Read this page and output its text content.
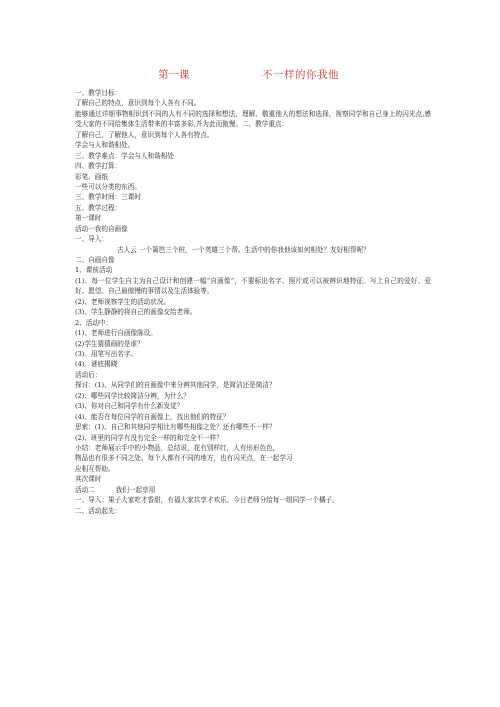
第一课	不一样的你我他
一、教学目标：
了解自己的特点，意识到每个人各有不同。
能够通过详细事物相识到不同的人有不同的选择和想法，理解、敬重他人的想法和选择，视察同学和自己身上的闪光点,感受大家的不同给集体生活带来的丰富多彩,并为此而傲慢。二、教学重点：
了解自己，了解他人，意识到每个人各有特点。
学会与人和谐相处。
三、教学难点：学会与人和谐相处
四、教学打算：
彩笔、画纸
一些可以分类的东西。
三、教学时间：三课时
五、教学过程：
第一课时
活动一我的自画像
一、导入：
古人云 一个篱笆三个桩，一个英雄三个帮。生活中的你我他该如何相处？友好相帮呢？
二、自画自像
1、课前活动
(1)、每一位学生自主为自己设计和创建一幅“自画像”，不要标出名字、照片或可以被辨识地特征。写上自己的爱好、爱好、愿望、自己最傲慢的事情以及生活体验等。
(2)、老师视察学生的活动状况。
(3)、学生静静的将自己的画像交给老师。
2、活动中：
(1)、老师进行自画像陈设。
(2)学生猜猜画的是谁？
(3)、用笔写出名字。
(4)、谜底揭晓
活动后：
探讨：(1)、从同学们的自画像中来分辨其他同学，是简洁还是简洁？
(2)、哪些同学比较简洁分辨，为什么？
(3)、你对自己和同学有什么新发觉？
(4)、能否在每位同学的自画像上，找出他们的特征？
思索：(1)、自己和其他同学相比有哪些相像之处？还有哪些不一样？
(2)、班里的同学有没有完全一样的和完全不一样？
小结：老师展示手中的小物品，总结说，花有别样红，人有形形色色，
物品也有很多不同之处。每个人都有不同的地方，也有闪光点，在一起学习
应相互帮助。
其次课时
活动二          我们一起享用
一、导入：果子大家吃才香甜，有福大家共享才欢乐。今日老师分给每一组同学一个橘子。
二、活动起先：
